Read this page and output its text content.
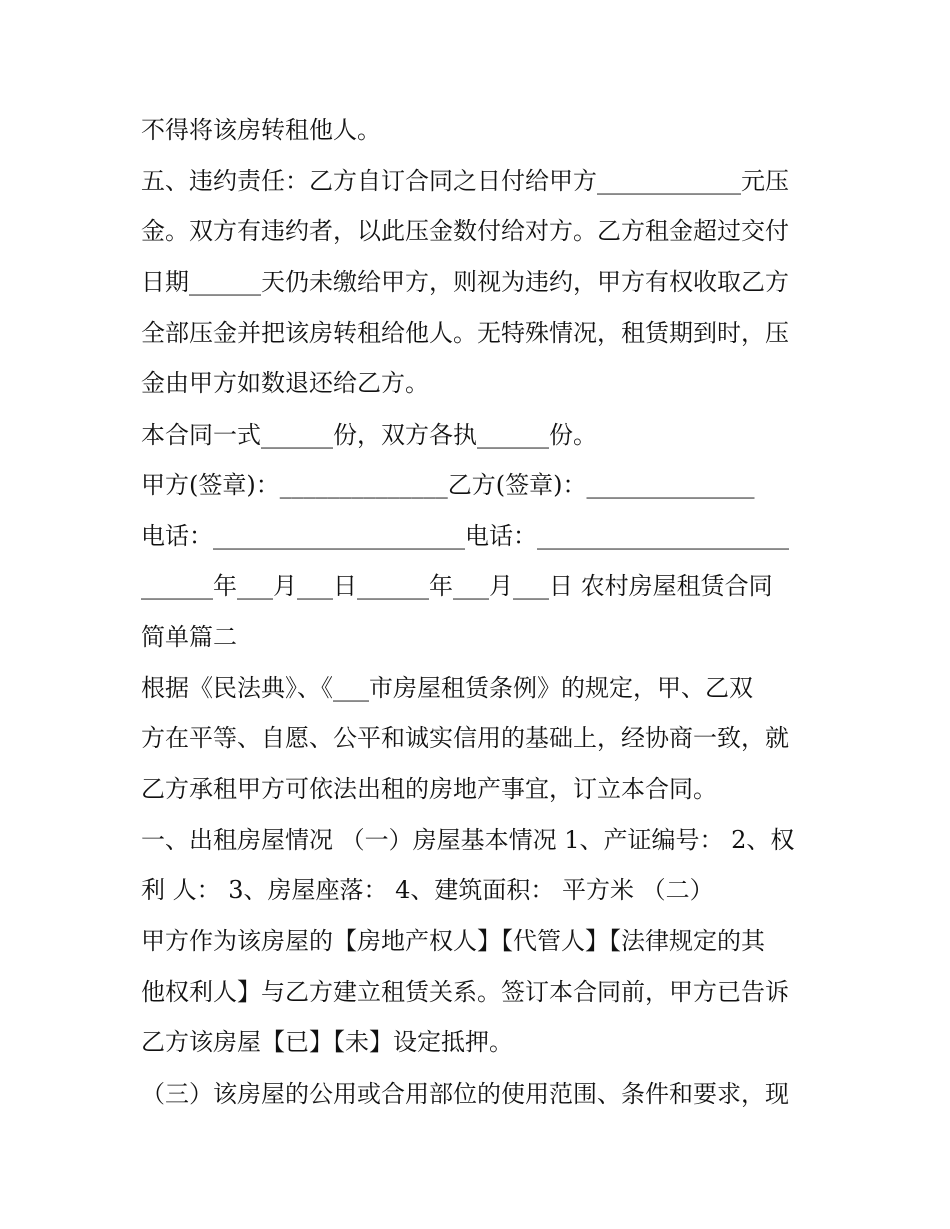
不得将该房转租他人。
五、违约责任：乙方自订合同之日付给甲方____________元压
金。双方有违约者，以此压金数付给对方。乙方租金超过交付
日期______天仍未缴给甲方，则视为违约，甲方有权收取乙方
全部压金并把该房转租给他人。无特殊情况，租赁期到时，压
金由甲方如数退还给乙方。
本合同一式______份，双方各执______份。
甲方(签章)：______________乙方(签章)：______________
电话：_____________________电话：_____________________
______年___月___日______年___月___日 农村房屋租赁合同
简单篇二
根据《民法典》、《___市房屋租赁条例》的规定，甲、乙双
方在平等、自愿、公平和诚实信用的基础上，经协商一致，就
乙方承租甲方可依法出租的房地产事宜，订立本合同。
一、出租房屋情况 （一）房屋基本情况 1、产证编号： 2、权
利 人： 3、房屋座落： 4、建筑面积： 平方米 （二）
甲方作为该房屋的【房地产权人】【代管人】【法律规定的其
他权利人】与乙方建立租赁关系。签订本合同前，甲方已告诉
乙方该房屋【已】【未】设定抵押。
（三）该房屋的公用或合用部位的使用范围、条件和要求，现
